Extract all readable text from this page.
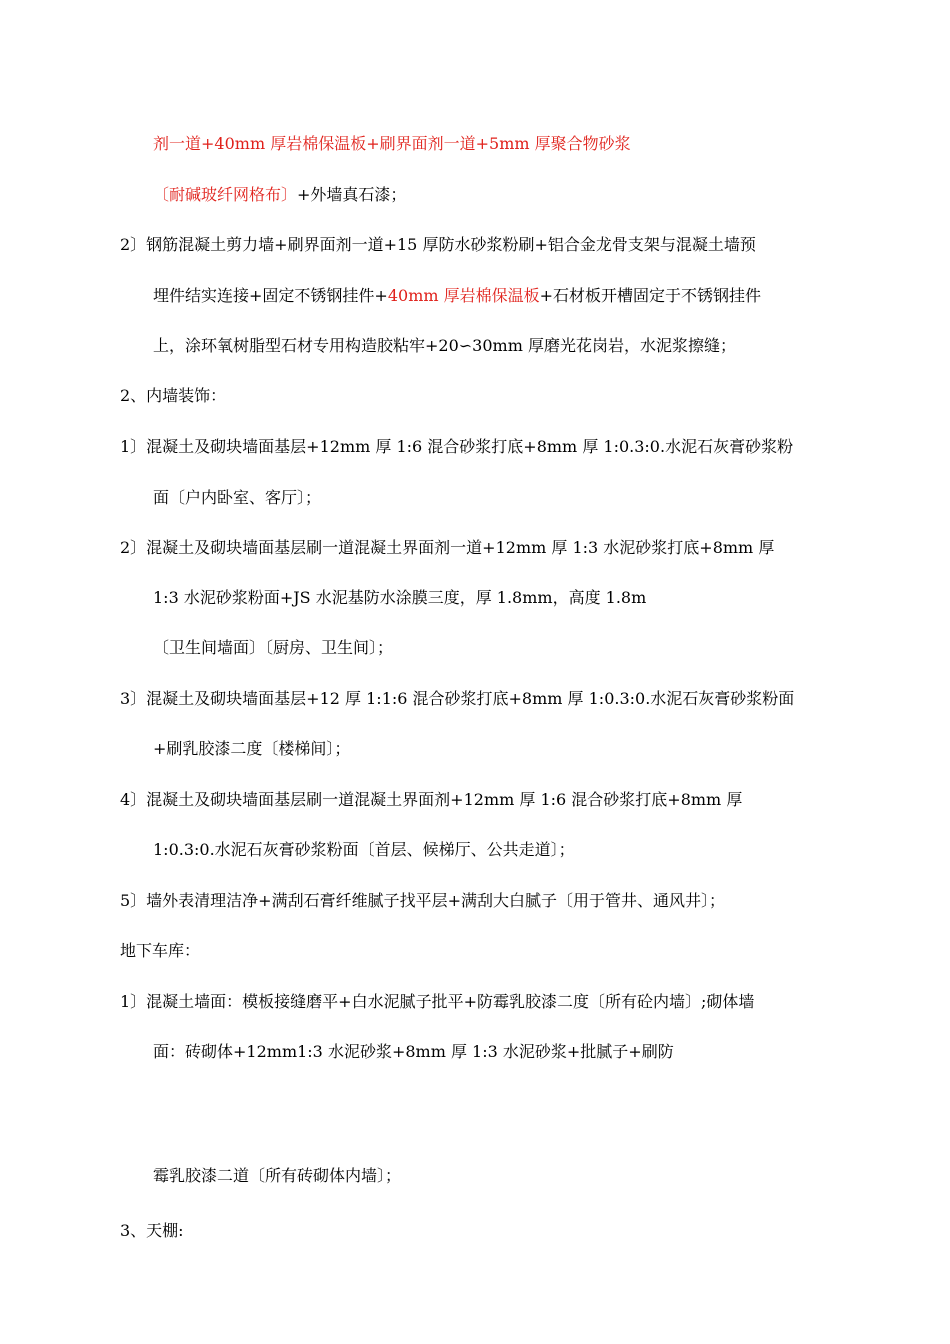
剂一道+40mm 厚岩棉保温板+刷界面剂一道+5mm 厚聚合物砂浆
〔耐碱玻纤网格布〕+外墙真石漆；
2〕钢筋混凝土剪力墙+刷界面剂一道+15 厚防水砂浆粉刷+铝合金龙骨支架与混凝土墙预
埋件结实连接+固定不锈钢挂件+40mm 厚岩棉保温板+石材板开槽固定于不锈钢挂件
上，涂环氧树脂型石材专用构造胶粘牢+20∽30mm 厚磨光花岗岩，水泥浆擦缝；
2、内墙装饰：
1〕混凝土及砌块墙面基层+12mm 厚 1:6 混合砂浆打底+8mm 厚 1:0.3:0.水泥石灰膏砂浆粉
面〔户内卧室、客厅〕；
2〕混凝土及砌块墙面基层刷一道混凝土界面剂一道+12mm 厚 1:3 水泥砂浆打底+8mm 厚
1:3 水泥砂浆粉面+JS 水泥基防水涂膜三度，厚 1.8mm，高度 1.8m
〔卫生间墙面〕〔厨房、卫生间〕；
3〕混凝土及砌块墙面基层+12 厚 1:1:6 混合砂浆打底+8mm 厚 1:0.3:0.水泥石灰膏砂浆粉面
+刷乳胶漆二度〔楼梯间〕；
4〕混凝土及砌块墙面基层刷一道混凝土界面剂+12mm 厚 1:6 混合砂浆打底+8mm 厚
1:0.3:0.水泥石灰膏砂浆粉面〔首层、候梯厅、公共走道〕；
5〕墙外表清理洁净+满刮石膏纤维腻子找平层+满刮大白腻子〔用于管井、通风井〕；
地下车库：
1〕混凝土墙面：模板接缝磨平+白水泥腻子批平+防霉乳胶漆二度〔所有砼内墙〕;砌体墙
面：砖砌体+12mm1:3 水泥砂浆+8mm 厚 1:3 水泥砂浆+批腻子+刷防
霉乳胶漆二道〔所有砖砌体内墙〕；
3、天棚:
